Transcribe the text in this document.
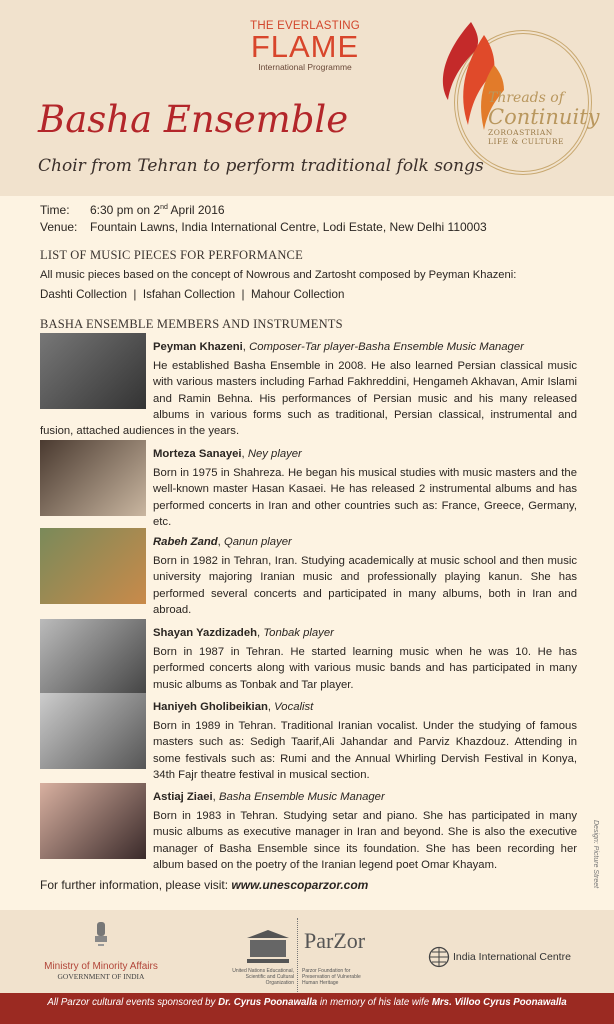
THE EVERLASTING
FLAME
International Programme
Basha Ensemble
Choir from Tehran to perform traditional folk songs
Threads of
Continuity
ZOROASTRIAN
LIFE & CULTURE
Time: 6:30 pm on 2nd April 2016
Venue: Fountain Lawns, India International Centre, Lodi Estate, New Delhi 110003
LIST OF MUSIC PIECES FOR PERFORMANCE
All music pieces based on the concept of Nowrous and Zartosht composed by Peyman Khazeni:
Dashti Collection  |  Isfahan Collection  |  Mahour Collection
BASHA ENSEMBLE MEMBERS AND INSTRUMENTS
Peyman Khazeni, Composer-Tar player-Basha Ensemble Music Manager
He established Basha Ensemble in 2008. He also learned Persian classical music with various masters including Farhad Fakhreddini, Hengameh Akhavan, Amir Islami and Ramin Behna. His performances of Persian music and his many released albums in various forms such as traditional, Persian classical, instrumental and fusion, attached audiences in the years.
Morteza Sanayei, Ney player
Born in 1975 in Shahreza. He began his musical studies with music masters and the well-known master Hasan Kasaei. He has released 2 instrumental albums and has performed concerts in Iran and other countries such as: France, Greece, Germany, etc.
Rabeh Zand, Qanun player
Born in 1982 in Tehran, Iran. Studying academically at music school and then music university majoring Iranian music and professionally playing kanun. She has performed several concerts and participated in many albums, both in Iran and abroad.
Shayan Yazdizadeh, Tonbak player
Born in 1987 in Tehran. He started learning music when he was 10. He has performed concerts along with various music bands and has participated in many music albums as Tonbak and Tar player.
Haniyeh Gholibeikian, Vocalist
Born in 1989 in Tehran. Traditional Iranian vocalist. Under the studying of famous masters such as: Sedigh Taarif,Ali Jahandar and Parviz Khazdouz. Attending in some festivals such as: Rumi and the Annual Whirling Dervish Festival in Konya, 34th Fajr theatre festival in musical section.
Astiaj Ziaei, Basha Ensemble Music Manager
Born in 1983 in Tehran. Studying setar and piano. She has participated in many music albums as executive manager in Iran and beyond. She is also the executive manager of Basha Ensemble since its foundation. She has been recording her album based on the poetry of the Iranian legend poet Omar Khayam.	Design: Picture Street
For further information, please visit: www.unescoparzor.com
Ministry of Minority Affairs
GOVERNMENT OF INDIA
ParZor
United Nations Educational, Scientific and Cultural Organization
Parzor Foundation for Preservation of Vulnerable Human Heritage
India International Centre
All Parzor cultural events sponsored by Dr. Cyrus Poonawalla in memory of his late wife Mrs. Villoo Cyrus Poonawalla
